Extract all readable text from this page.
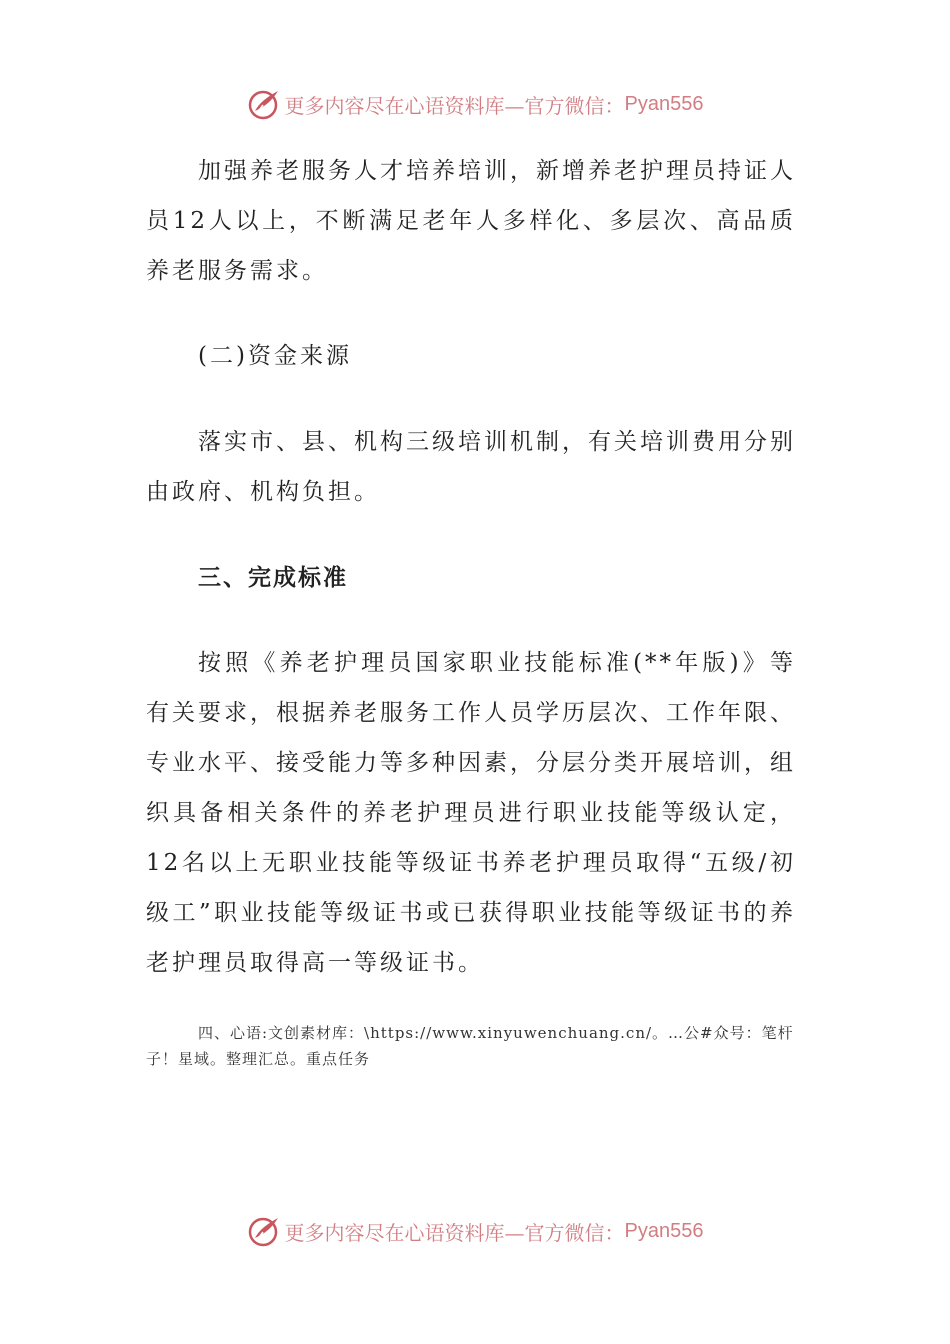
更多内容尽在心语资料库—官方微信： Pyan556

加强养老服务人才培养培训，新增养老护理员持证人员12人以上，不断满足老年人多样化、多层次、高品质养老服务需求。

(二)资金来源

落实市、县、机构三级培训机制，有关培训费用分别由政府、机构负担。

三、完成标准

按照《养老护理员国家职业技能标准(**年版)》等有关要求，根据养老服务工作人员学历层次、工作年限、专业水平、接受能力等多种因素，分层分类开展培训，组织具备相关条件的养老护理员进行职业技能等级认定，12名以上无职业技能等级证书养老护理员取得“五级/初级工”职业技能等级证书或已获得职业技能等级证书的养老护理员取得高一等级证书。

四、心语:文创素材库：\https://www.xinyuwenchuang.cn/。…公#众号：笔杆子！星域。整理汇总。重点任务

更多内容尽在心语资料库—官方微信： Pyan556
